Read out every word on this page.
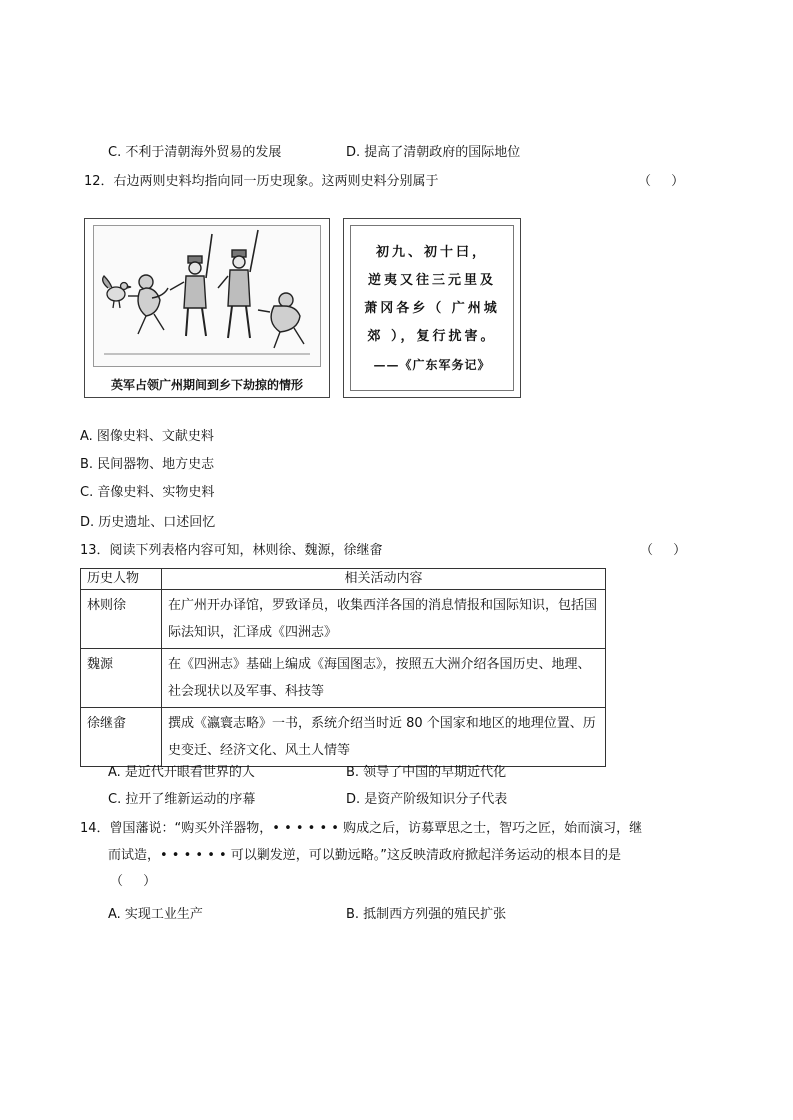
C. 不利于清朝海外贸易的发展	D. 提高了清朝政府的国际地位
12．右边两则史料均指向同一历史现象。这两则史料分别属于	（ ）
英军占领广州期间到乡下劫掠的情形
初九、初十曰，
逆夷又往三元里及
萧冈各乡（ 广州城
郊 ），复行扰害。
——《广东军务记》
A. 图像史料、文献史料
B. 民间器物、地方史志
C. 音像史料、实物史料
D. 历史遗址、口述回忆
13．阅读下列表格内容可知，林则徐、魏源，徐继畲	（ ）
历史人物	相关活动内容
林则徐	在广州开办译馆，罗致译员，收集西洋各国的消息情报和国际知识，包括国际法知识，汇译成《四洲志》
魏源	在《四洲志》基础上编成《海国图志》，按照五大洲介绍各国历史、地理、社会现状以及军事、科技等
徐继畲	撰成《瀛寰志略》一书，系统介绍当时近 80 个国家和地区的地理位置、历史变迁、经济文化、风土人情等
A. 是近代开眼看世界的人	B. 领导了中国的早期近代化
C. 拉开了维新运动的序幕	D. 是资产阶级知识分子代表
14．曾国藩说：“购买外洋器物，• • • • • • 购成之后，访募覃思之士，智巧之匠，始而演习，继
而试造，• • • • • • 可以剿发逆，可以勤远略。”这反映清政府掀起洋务运动的根本目的是
（ ）
A. 实现工业生产	B. 抵制西方列强的殖民扩张
